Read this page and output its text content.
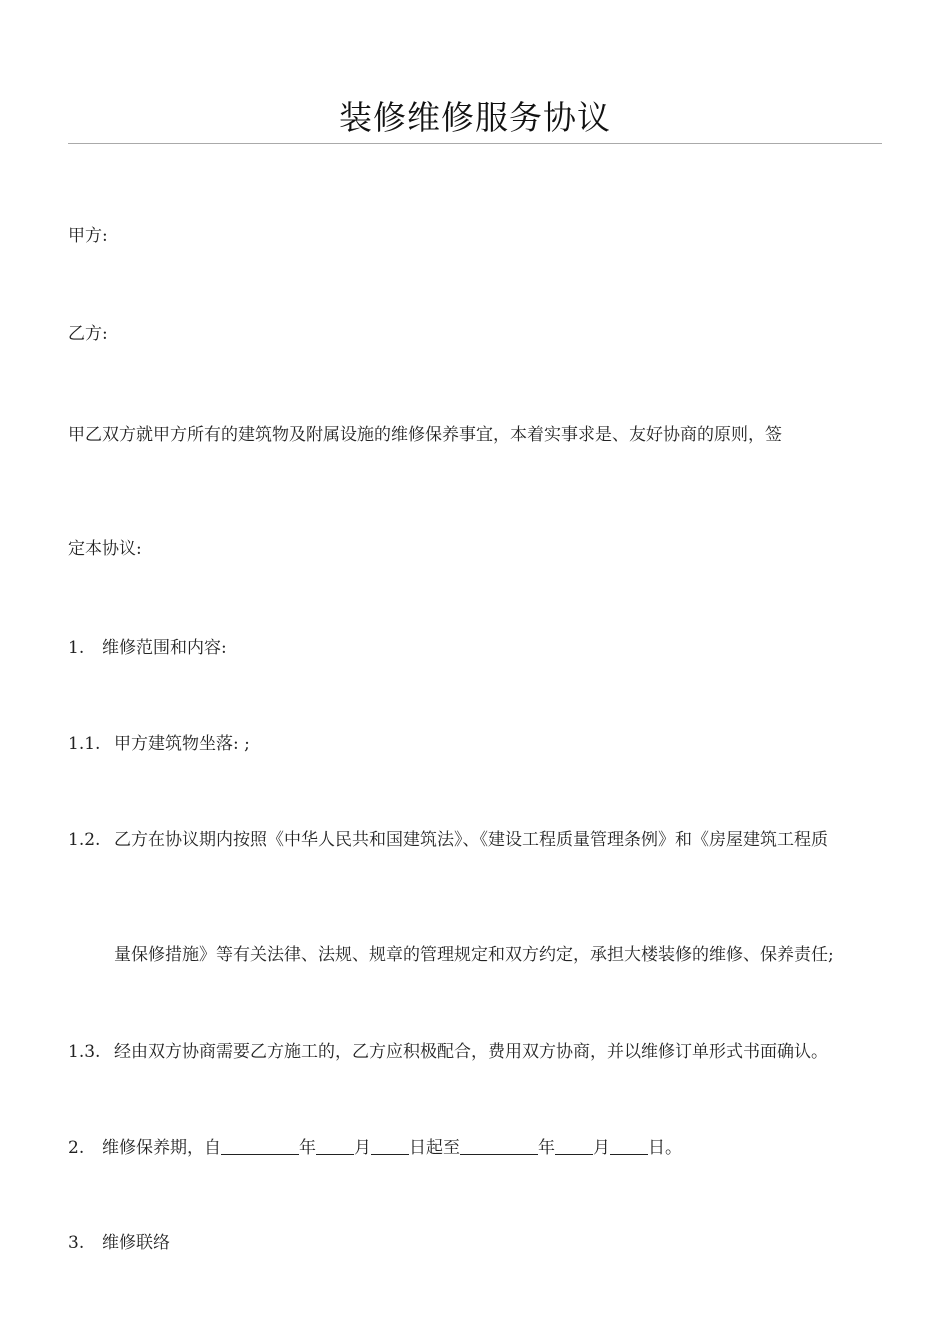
装修维修服务协议
甲方:
乙方:
甲乙双方就甲方所有的建筑物及附属设施的维修保养事宜，本着实事求是、友好协商的原则，签
定本协议:
1. 维修范围和内容:
1.1. 甲方建筑物坐落: ;
1.2. 乙方在协议期内按照《中华人民共和国建筑法》、《建设工程质量管理条例》和《房屋建筑工程质
量保修措施》等有关法律、法规、规章的管理规定和双方约定，承担大楼装修的维修、保养责任;
1.3. 经由双方协商需要乙方施工的，乙方应积极配合，费用双方协商，并以维修订单形式书面确认。
2. 维修保养期，自	年 月 日起至	年 月 日。
3. 维修联络
